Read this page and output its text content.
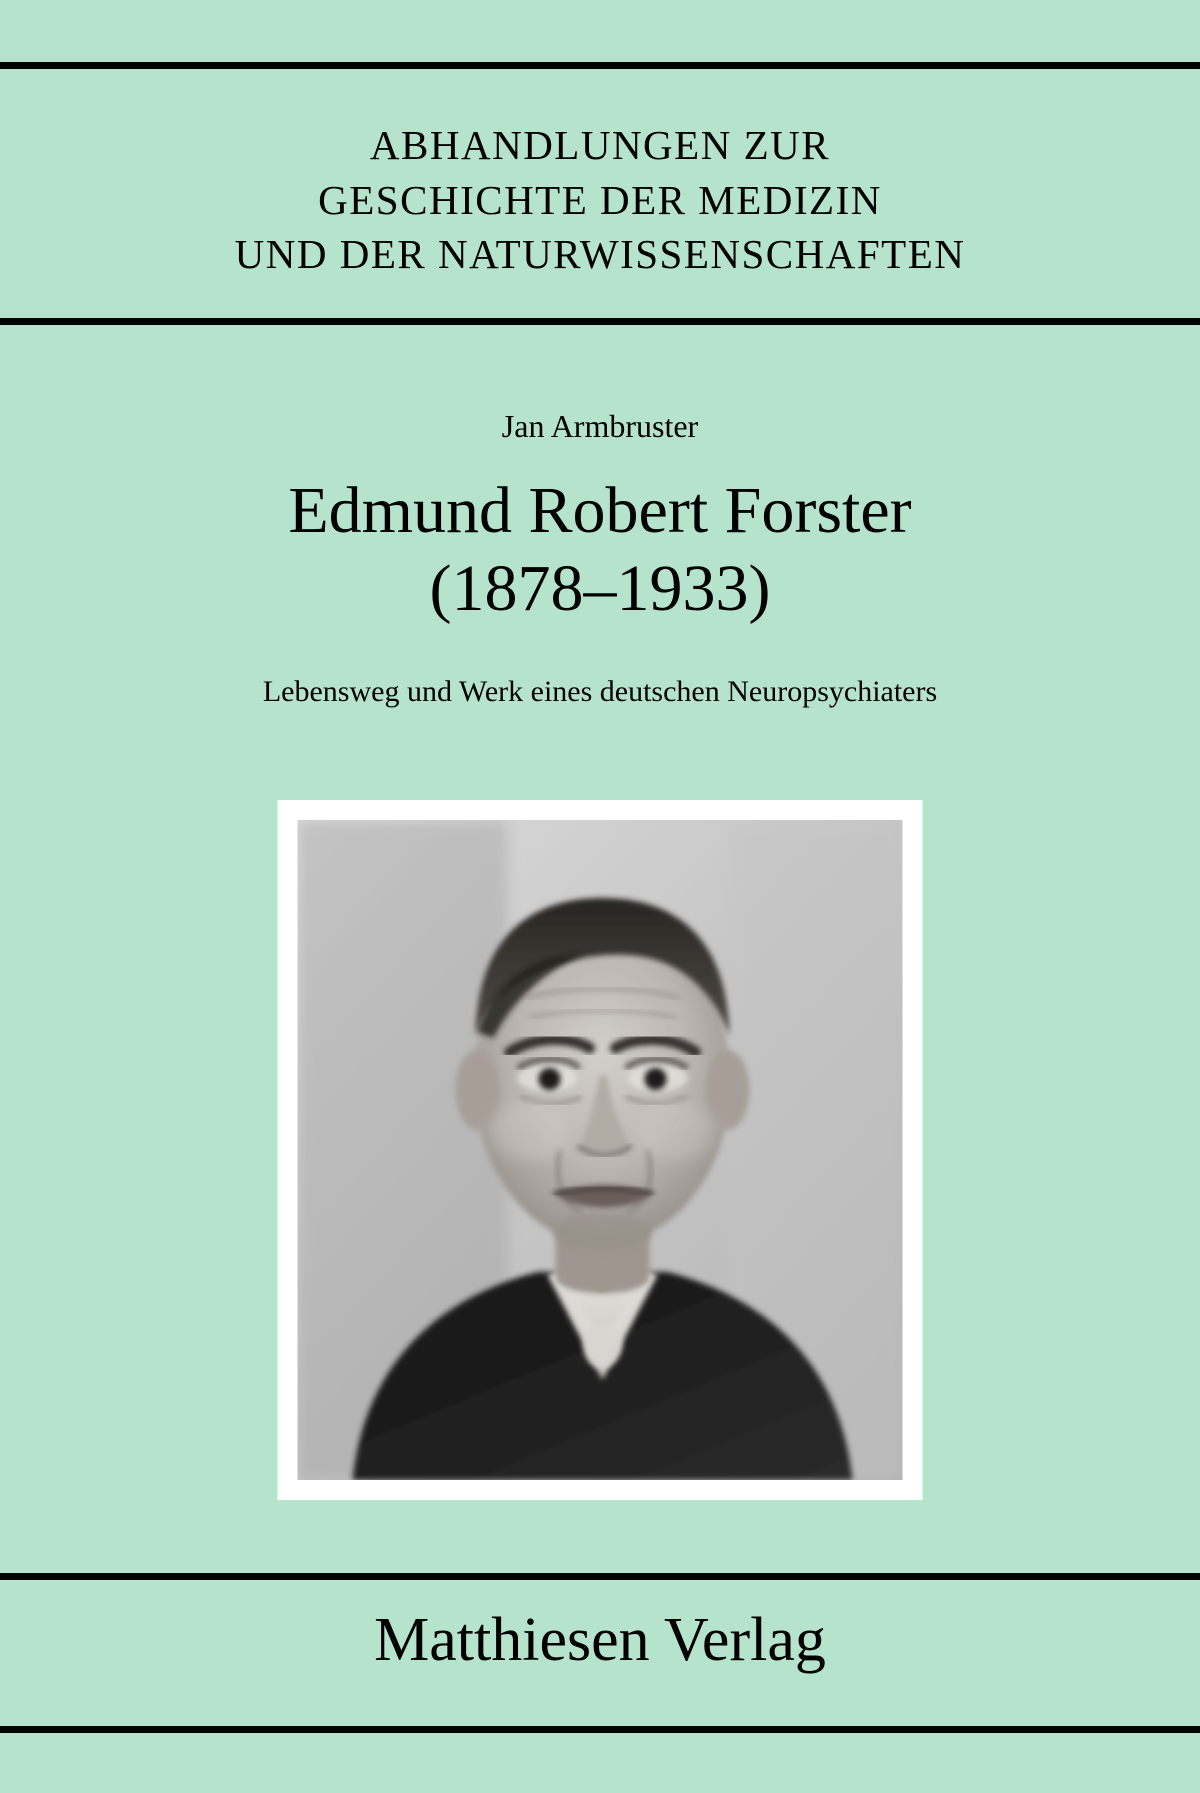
ABHANDLUNGEN ZUR
GESCHICHTE DER MEDIZIN
UND DER NATURWISSENSCHAFTEN
Jan Armbruster
Edmund Robert Forster
(1878–1933)
Lebensweg und Werk eines deutschen Neuropsychiaters
Matthiesen Verlag
